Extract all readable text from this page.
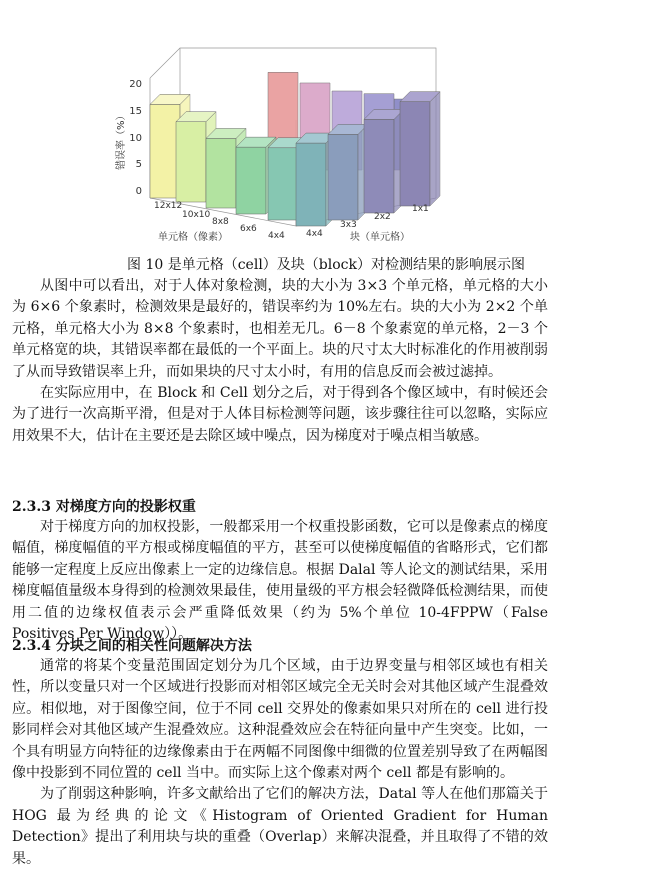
0
5
10
15
20
错误率（%）
12x12
10x10
8x8
6x6
4x4
单元格（像素）	4x4
3x3
2x2
1x1
块（单元格）
图 10 是单元格（cell）及块（block）对检测结果的影响展示图

从图中可以看出，对于人体对象检测，块的大小为 3×3 个单元格，单元格的大小为 6×6 个象素时，检测效果是最好的，错误率约为 10%左右。块的大小为 2×2 个单元格，单元格大小为 8×8 个象素时，也相差无几。6－8 个象素宽的单元格，2－3 个单元格宽的块，其错误率都在最低的一个平面上。块的尺寸太大时标准化的作用被削弱了从而导致错误率上升，而如果块的尺寸太小时，有用的信息反而会被过滤掉。

在实际应用中，在 Block 和 Cell 划分之后，对于得到各个像区域中，有时候还会为了进行一次高斯平滑，但是对于人体目标检测等问题，该步骤往往可以忽略，实际应用效果不大，估计在主要还是去除区域中噪点，因为梯度对于噪点相当敏感。

2.3.3 对梯度方向的投影权重

对于梯度方向的加权投影，一般都采用一个权重投影函数，它可以是像素点的梯度幅值，梯度幅值的平方根或梯度幅值的平方，甚至可以使梯度幅值的省略形式，它们都能够一定程度上反应出像素上一定的边缘信息。根据 Dalal 等人论文的测试结果，采用梯度幅值量级本身得到的检测效果最佳，使用量级的平方根会轻微降低检测结果，而使用二值的边缘权值表示会严重降低效果（约为 5%个单位 10-4FPPW（False Positives Per Window））。

2.3.4 分块之间的相关性问题解决方法

通常的将某个变量范围固定划分为几个区域，由于边界变量与相邻区域也有相关性，所以变量只对一个区域进行投影而对相邻区域完全无关时会对其他区域产生混叠效应。相似地，对于图像空间，位于不同 cell 交界处的像素如果只对所在的 cell 进行投影同样会对其他区域产生混叠效应。这种混叠效应会在特征向量中产生突变。比如，一个具有明显方向特征的边缘像素由于在两幅不同图像中细微的位置差别导致了在两幅图像中投影到不同位置的 cell 当中。而实际上这个像素对两个 cell 都是有影响的。

为了削弱这种影响，许多文献给出了它们的解决方法，Datal 等人在他们那篇关于 HOG 最为经典的论文《Histogram of Oriented Gradient for Human Detection》提出了利用块与块的重叠（Overlap）来解决混叠，并且取得了不错的效果。
